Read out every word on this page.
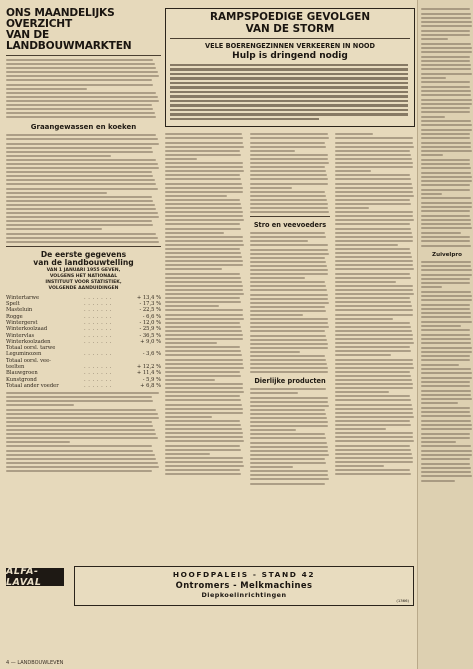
ONS MAANDELIJKS OVERZICHT
VAN DE LANDBOUWMARKTEN
Graangewassen en koeken
De eerste gegevens
van de landbouwtelling
VAN 1 JANUARI 1955 GEVEN,
VOLGENS HET NATIONAAL
INSTITUUT VOOR STATISTIEK,
VOLGENDE AANDUIDINGEN
Wintertarwe	. . . . . . .	+ 13,4 %
Spelt	. . . . . . .	- 17,3 %
Masteluin	. . . . . . .	- 22,5 %
Rogge	. . . . . . .	- 6,6 %
Wintergerst	. . . . . . .	- 12,0 %
Winterkoolzaad	. . . . . . .	- 25,9 %
Wintervlas	. . . . . . .	- 36,5 %
Winterkoolzaden	. . . . . . .	+ 9,0 %
Totaal oorsl. tarwe		
Leguminozen	. . . . . . .	- 3,6 %
Totaal oorsl. vee-		
teelten	. . . . . . .	+ 12,2 %
Blauwgroen	. . . . . . .	+ 11,4 %
Kunstgrond	. . . . . . .	- 5,9 %
Totaal ander voeder	. . . . . . .	+ 6,8 %
RAMPSPOEDIGE GEVOLGEN
VAN DE STORM
VELE BOERENGEZINNEN VERKEEREN IN NOOD
Hulp is dringend nodig
Stro en veevoeders
Dierlijke producten
Zuivelpro
ALFA-LAVAL
HOOFDPALEIS - STAND 42
Ontromers - Melkmachines
Diepkoelinrichtingen
(1366)
4 — LANDBOUWLEVEN
